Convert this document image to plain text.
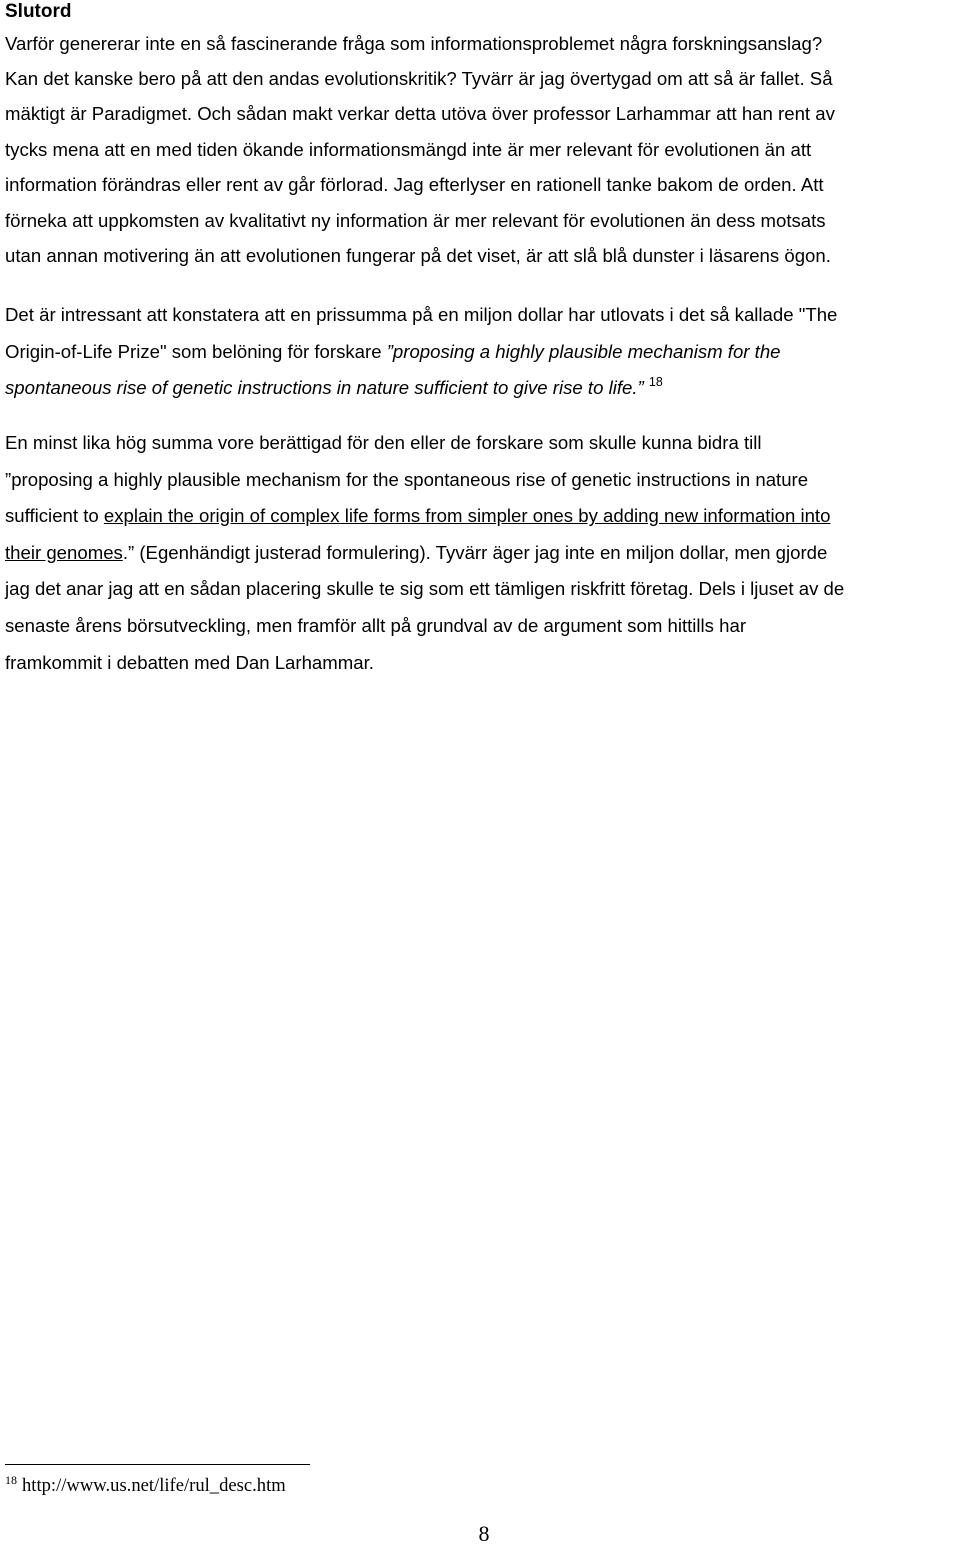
Slutord

Varför genererar inte en så fascinerande fråga som informationsproblemet några forskningsanslag?
Kan det kanske bero på att den andas evolutionskritik? Tyvärr är jag övertygad om att så är fallet. Så
mäktigt är Paradigmet. Och sådan makt verkar detta utöva över professor Larhammar att han rent av
tycks mena att en med tiden ökande informationsmängd inte är mer relevant för evolutionen än att
information förändras eller rent av går förlorad. Jag efterlyser en rationell tanke bakom de orden. Att
förneka att uppkomsten av kvalitativt ny information är mer relevant för evolutionen än dess motsats
utan annan motivering än att evolutionen fungerar på det viset, är att slå blå dunster i läsarens ögon.

Det är intressant att konstatera att en prissumma på en miljon dollar har utlovats i det så kallade "The
Origin-of-Life Prize" som belöning för forskare ”proposing a highly plausible mechanism for the
spontaneous rise of genetic instructions in nature sufficient to give rise to life.” $^{18}$

En minst lika hög summa vore berättigad för den eller de forskare som skulle kunna bidra till
”proposing a highly plausible mechanism for the spontaneous rise of genetic instructions in nature
sufficient to explain the origin of complex life forms from simpler ones by adding new information into
their genomes.” (Egenhändigt justerad formulering). Tyvärr äger jag inte en miljon dollar, men gjorde
jag det anar jag att en sådan placering skulle te sig som ett tämligen riskfritt företag. Dels i ljuset av de
senaste årens börsutveckling, men framför allt på grundval av de argument som hittills har
framkommit i debatten med Dan Larhammar.

$^{18}$ http://www.us.net/life/rul_desc.htm
8
